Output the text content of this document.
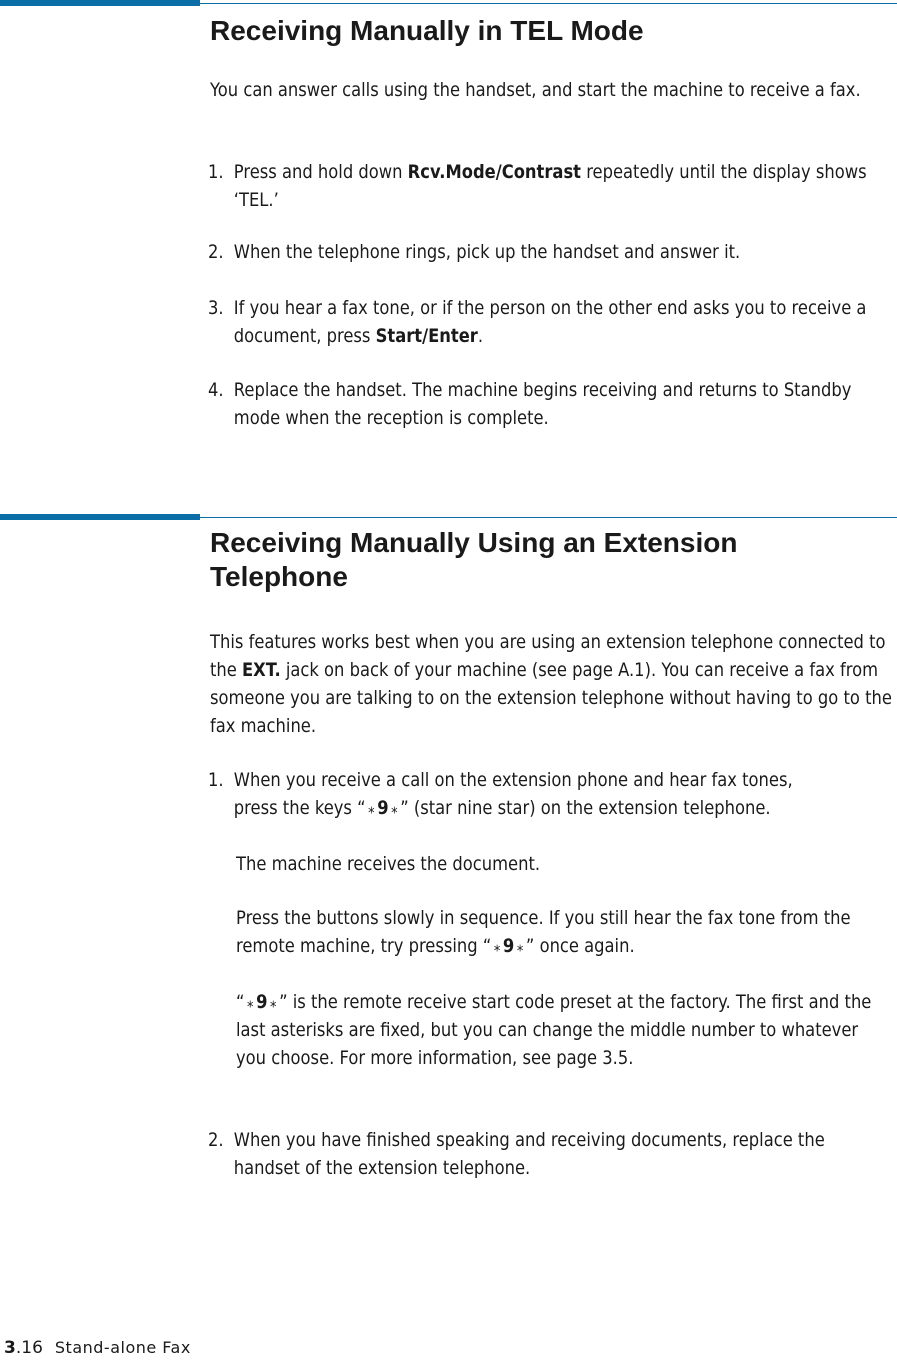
Receiving Manually in TEL Mode

You can answer calls using the handset, and start the machine to receive a fax.

1. Press and hold down Rcv.Mode/Contrast repeatedly until the display shows ‘TEL.’
2. When the telephone rings, pick up the handset and answer it.
3. If you hear a fax tone, or if the person on the other end asks you to receive a document, press Start/Enter.
4. Replace the handset. The machine begins receiving and returns to Standby mode when the reception is complete.
Receiving Manually Using an Extension
Telephone

This features works best when you are using an extension telephone connected to the EXT. jack on back of your machine (see page A.1). You can receive a fax from someone you are talking to on the extension telephone without having to go to the fax machine.

1. When you receive a call on the extension phone and hear fax tones,
press the keys “ ⁎ 9 ⁎ ” (star nine star) on the extension telephone.
The machine receives the document.
Press the buttons slowly in sequence. If you still hear the fax tone from the remote machine, try pressing “ ⁎ 9 ⁎ ” once again.
“ ⁎ 9 ⁎ ” is the remote receive start code preset at the factory. The first and the last asterisks are fixed, but you can change the middle number to whatever you choose. For more information, see page 3.5.
2. When you have finished speaking and receiving documents, replace the handset of the extension telephone.
3.16 Stand-alone Fax
